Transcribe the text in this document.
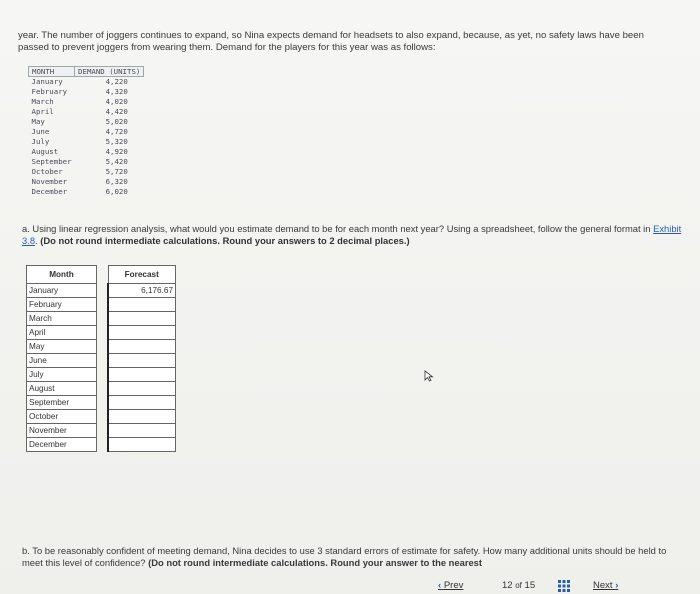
year. The number of joggers continues to expand, so Nina expects demand for headsets to also expand, because, as yet, no safety laws have been passed to prevent joggers from wearing them. Demand for the players for this year was as follows:
MONTH	DEMAND (UNITS)
January	4,220
February	4,320
March	4,020
April	4,420
May	5,020
June	4,720
July	5,320
August	4,920
September	5,420
October	5,720
November	6,320
December	6,020
a. Using linear regression analysis, what would you estimate demand to be for each month next year? Using a spreadsheet, follow the general format in Exhibit 3.8. (Do not round intermediate calculations. Round your answers to 2 decimal places.)
Month		Forecast
January		6,176.67
February		
March		
April		
May		
June		
July		
August		
September		
October		
November		
December		
b. To be reasonably confident of meeting demand, Nina decides to use 3 standard errors of estimate for safety. How many additional units should be held to meet this level of confidence? (Do not round intermediate calculations. Round your answer to the nearest
‹ Prev	12 of 15	Next ›
